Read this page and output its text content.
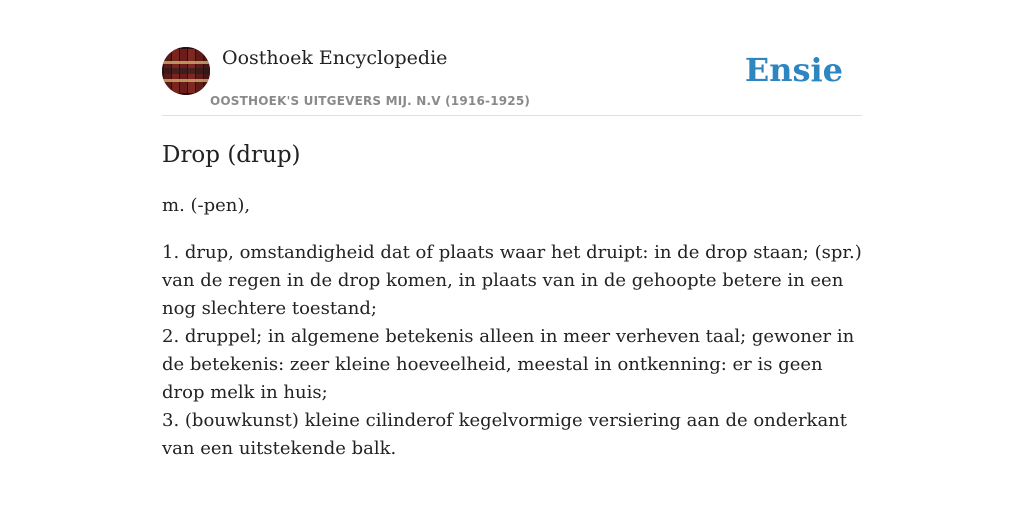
Oosthoek Encyclopedie
OOSTHOEK'S UITGEVERS MIJ. N.V (1916-1925)
Ensie
Drop (drup)
m. (-pen),

1. drup, omstandigheid dat of plaats waar het druipt: in de drop staan; (spr.) van de regen in de drop komen, in plaats van in de gehoopte betere in een nog slechtere toestand;

2. druppel; in algemene betekenis alleen in meer verheven taal; gewoner in de betekenis: zeer kleine hoeveelheid, meestal in ontkenning: er is geen drop melk in huis;

3. (bouwkunst) kleine cilinderof kegelvormige versiering aan de onderkant van een uitstekende balk.
